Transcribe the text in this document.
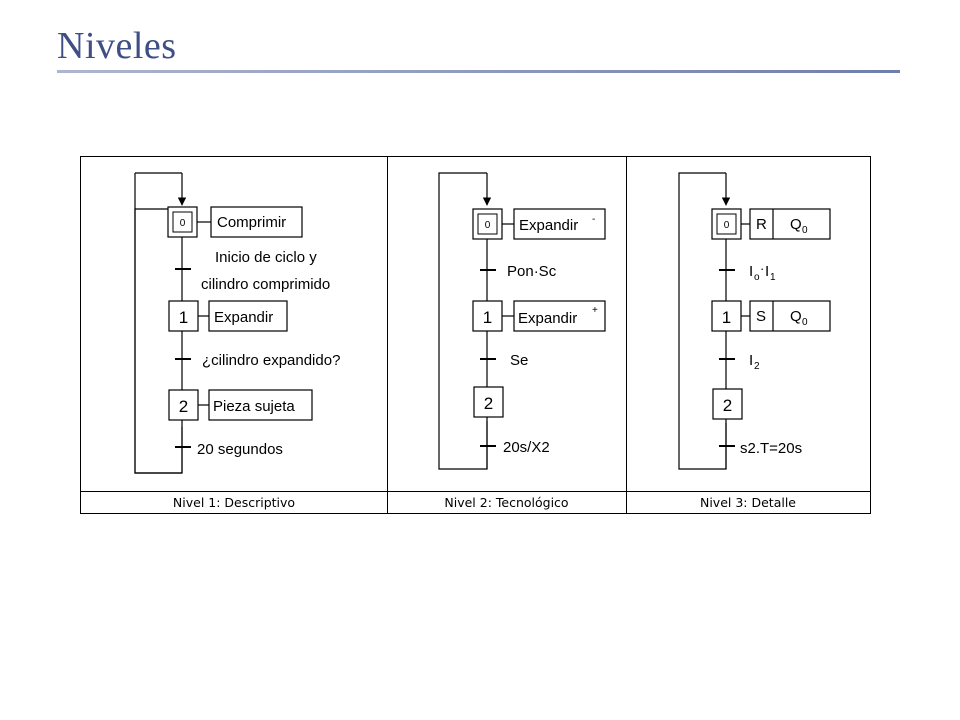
Niveles
0 Comprimir
Inicio de ciclo y
cilindro comprimido
1 Expandir
¿cilindro expandido?
2 Pieza sujeta
20 segundos
0 Expandir -
Pon·Sc
1 Expandir +
Se
2
20s/X2
0 R Q 0
I o
· I 1
1 S Q 0
I 2
2
s2.T=20s
Nivel 1: Descriptivo	Nivel 2: Tecnológico	Nivel 3: Detalle
